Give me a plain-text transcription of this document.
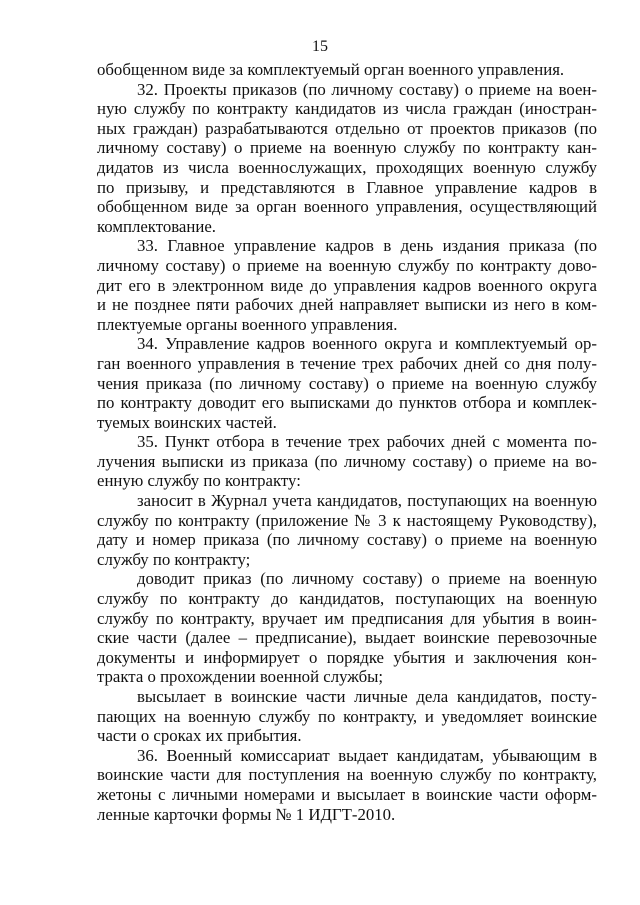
15
обобщенном виде за комплектуемый орган военного управления.
32. Проекты приказов (по личному составу) о приеме на воен-
ную службу по контракту кандидатов из числа граждан (иностран-
ных граждан) разрабатываются отдельно от проектов приказов (по
личному составу) о приеме на военную службу по контракту кан-
дидатов из числа военнослужащих, проходящих военную службу
по призыву, и представляются в Главное управление кадров в
обобщенном виде за орган военного управления, осуществляющий
комплектование.
33. Главное управление кадров в день издания приказа (по
личному составу) о приеме на военную службу по контракту дово-
дит его в электронном виде до управления кадров военного округа
и не позднее пяти рабочих дней направляет выписки из него в ком-
плектуемые органы военного управления.
34. Управление кадров военного округа и комплектуемый ор-
ган военного управления в течение трех рабочих дней со дня полу-
чения приказа (по личному составу) о приеме на военную службу
по контракту доводит его выписками до пунктов отбора и комплек-
туемых воинских частей.
35. Пункт отбора в течение трех рабочих дней с момента по-
лучения выписки из приказа (по личному составу) о приеме на во-
енную службу по контракту:
заносит в Журнал учета кандидатов, поступающих на военную
службу по контракту (приложение № 3 к настоящему Руководству),
дату и номер приказа (по личному составу) о приеме на военную
службу по контракту;
доводит приказ (по личному составу) о приеме на военную
службу по контракту до кандидатов, поступающих на военную
службу по контракту, вручает им предписания для убытия в воин-
ские части (далее – предписание), выдает воинские перевозочные
документы и информирует о порядке убытия и заключения кон-
тракта о прохождении военной службы;
высылает в воинские части личные дела кандидатов, посту-
пающих на военную службу по контракту, и уведомляет воинские
части о сроках их прибытия.
36. Военный комиссариат выдает кандидатам, убывающим в
воинские части для поступления на военную службу по контракту,
жетоны с личными номерами и высылает в воинские части оформ-
ленные карточки формы № 1 ИДГТ-2010.
